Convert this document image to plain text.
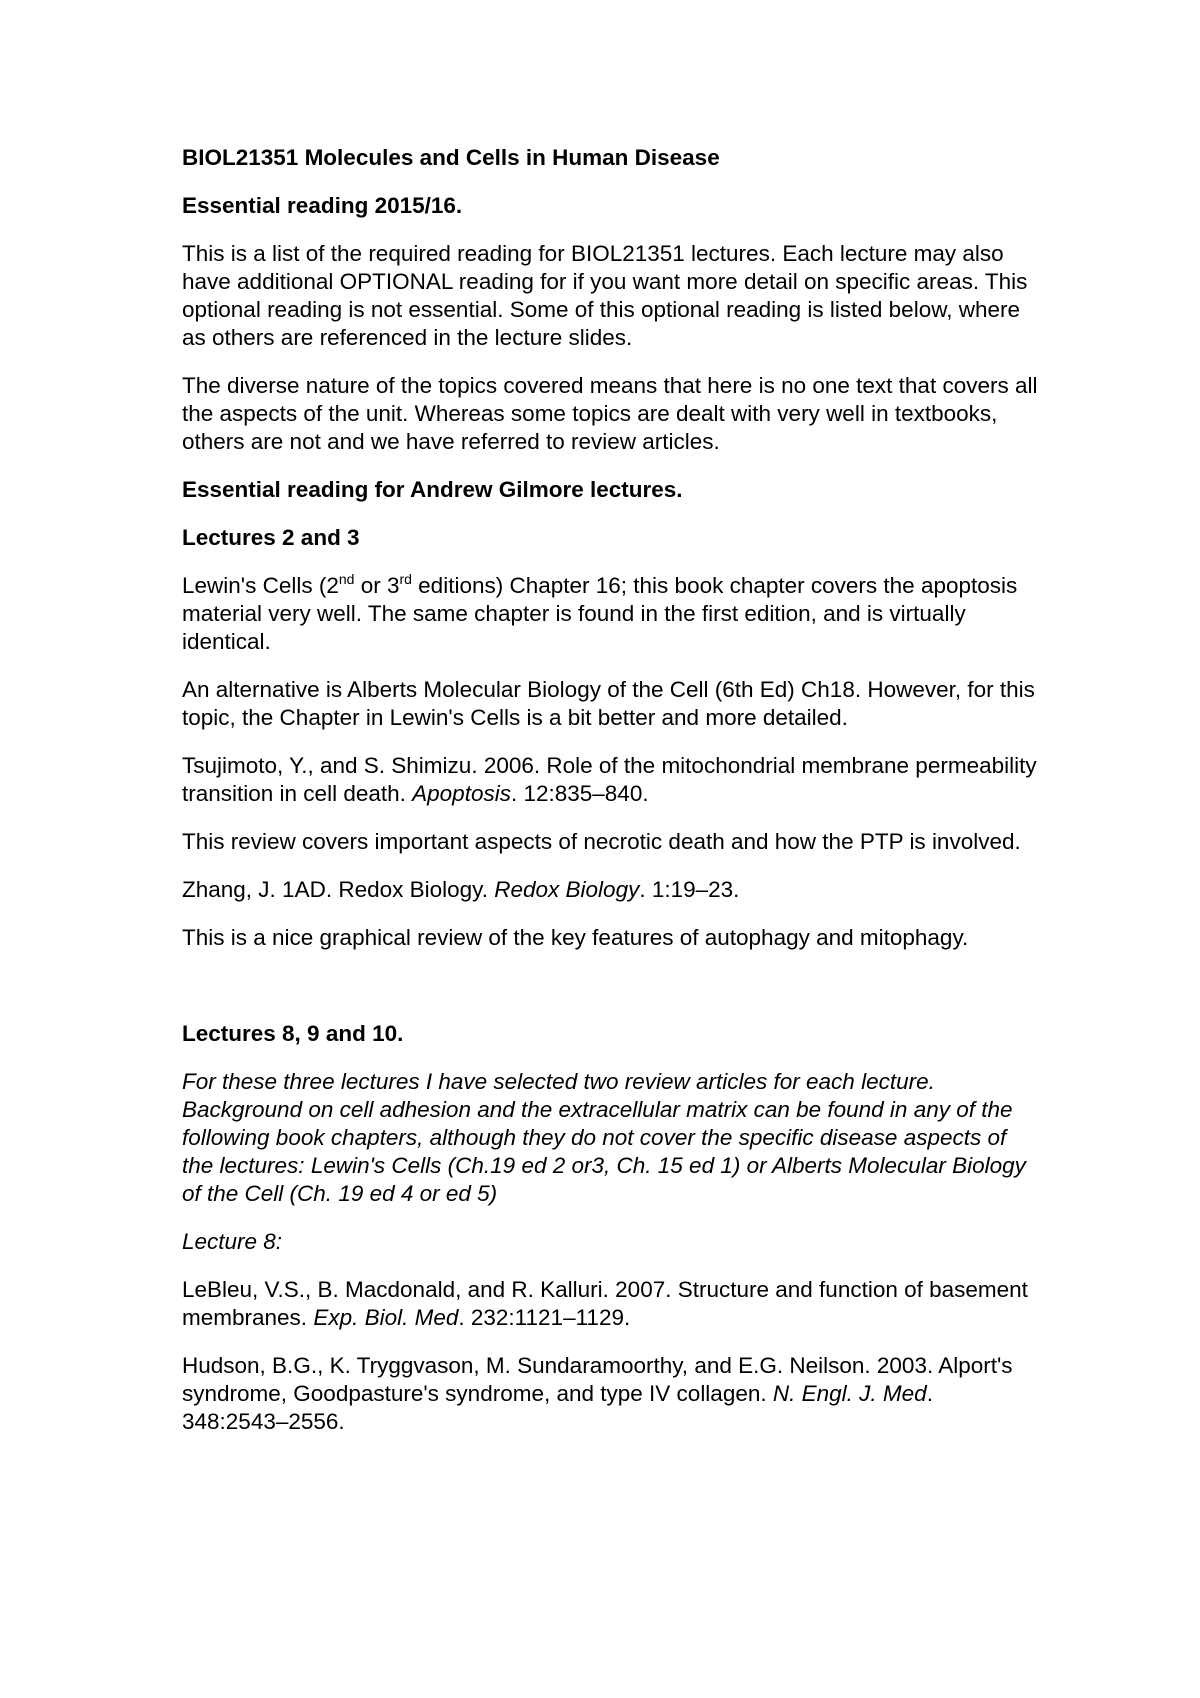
BIOL21351 Molecules and Cells in Human Disease
Essential reading 2015/16.

This is a list of the required reading for BIOL21351 lectures. Each lecture may also have additional OPTIONAL reading for if you want more detail on specific areas. This optional reading is not essential. Some of this optional reading is listed below, where as others are referenced in the lecture slides.

The diverse nature of the topics covered means that here is no one text that covers all the aspects of the unit. Whereas some topics are dealt with very well in textbooks, others are not and we have referred to review articles.

Essential reading for Andrew Gilmore lectures.
Lectures 2 and 3

Lewin's Cells (2nd or 3rd editions) Chapter 16; this book chapter covers the apoptosis material very well. The same chapter is found in the first edition, and is virtually identical.

An alternative is Alberts Molecular Biology of the Cell (6th Ed) Ch18. However, for this topic, the Chapter in Lewin's Cells is a bit better and more detailed.

Tsujimoto, Y., and S. Shimizu. 2006. Role of the mitochondrial membrane permeability transition in cell death. Apoptosis. 12:835–840.

This review covers important aspects of necrotic death and how the PTP is involved.

Zhang, J. 1AD. Redox Biology. Redox Biology. 1:19–23.

This is a nice graphical review of the key features of autophagy and mitophagy.

Lectures 8, 9 and 10.

For these three lectures I have selected two review articles for each lecture. Background on cell adhesion and the extracellular matrix can be found in any of the following book chapters, although they do not cover the specific disease aspects of the lectures: Lewin's Cells (Ch.19 ed 2 or3, Ch. 15 ed 1) or Alberts Molecular Biology of the Cell (Ch. 19 ed 4 or ed 5)

Lecture 8:

LeBleu, V.S., B. Macdonald, and R. Kalluri. 2007. Structure and function of basement membranes. Exp. Biol. Med. 232:1121–1129.

Hudson, B.G., K. Tryggvason, M. Sundaramoorthy, and E.G. Neilson. 2003. Alport's syndrome, Goodpasture's syndrome, and type IV collagen. N. Engl. J. Med. 348:2543–2556.
